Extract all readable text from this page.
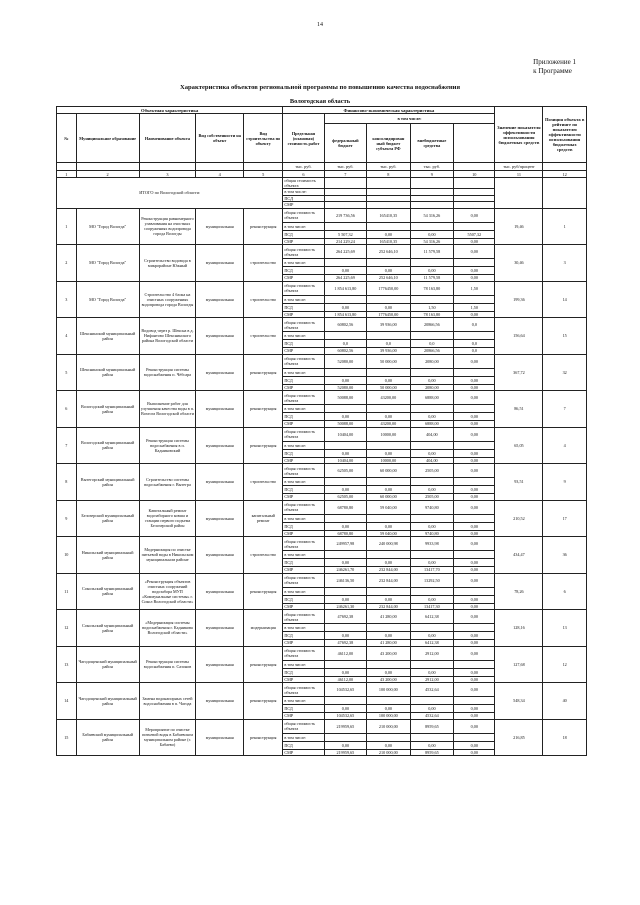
14
Приложение 1
к Программе
Характеристика объектов региональной программы по повышению качества водоснабжения
Вологодская область
Объектная характеристика					Финансово-экономическая характеристика					Значение показателя эффективности использования бюджетных средств	Позиция объекта в рейтинге по показателю эффективности использования бюджетных средств
№	Муниципальное образование	Наименование объекта	Вид собственности на объект	Вид строительства по объекту	Предельная (плановая) стоимость работ	в том числе:					
						федеральный бюджет	консолидирован ный бюджет субъекта РФ	внебюджетные средства			
					тыс. руб.	тыс. руб.	тыс. руб.	тыс. руб.		тыс. руб/процент	
1	2	3	4	5	6	7	8	9	10	11	12
ИТОГО по Вологодской области:					общая стоимость объекта						
					в том числе:						
					ПСД						
					СМР						
1	МО "Город Вологда"	Реконструкция равномерного улавливания на очистных сооружениях водопровода города Вологды	муниципальная	реконструкция	общая стоимость объекта	219 736,56	165410,35	54 316,26	0,00	19,46	1
					в том числе:						
					ПСД	5 507,32	0,00	0,00	5507,32		
					СМР	214 229,24	165410,35	54 316,26	0,00		
2	МО "Город Вологда"	Строительство водовода в микрорайоне Южный	муниципальная	строительство	общая стоимость объекта	264 225,69	252 646,10	11 579,58	0,00	30,46	3
					в том числе:						
					ПСД	0,00	0,00	0,00	0,00		
					СМР	264 225,69	252 646,10	11 579,58	0,00		
3	МО "Город Вологда"	Строительство 4 блока на очистных сооружениях водопровода города Вологды	муниципальная	строительство	общая стоимость объекта	1 854 613,80	1776450,00	78 163,80	1,50	199,36	14
					в том числе:						
					ПСД	0,00	0,00	1,50	1,50		
					СМР	1 854 613,80	1776450,00	78 163,80	0,00		
4	Шекснинский муниципальный район	Водовод через р. Шексна в д. Нифантово Шекснинского района Вологодской области	муниципальная	строительство	общая стоимость объекта	60802,56	39 936,00	20866,56	0,0	156,64	15
					в том числе:						
					ПСД	0,0	0,0	0,0	0,0		
					СМР	60802,56	39 936,00	20866,56	0,0		
5	Шекснинский муниципальный район	Реконструкция системы водоснабжения п. Чёбсара	муниципальная	реконструкция	общая стоимость объекта	52080,00	50 000,00	2080,00	0,00	367,72	32
					в том числе:						
					ПСД	0,00	0,00	0,00	0,00		
					СМР	52080,00	50 000,00	2080,00	0,00		
6	Вологодский муниципальный район	Выполнение работ для улучшения качества воды в п. Вохтога Вологодской области	муниципальная	реконструкция	общая стоимость объекта	50088,00	43200,00	6888,00	0,00	86,51	7
					в том числе:						
					ПСД	0,00	0,00	0,00	0,00		
					СМР	50088,00	43200,00	6888,00	0,00		
7	Вологодский муниципальный район	Реконструкция системы водоснабжения в п. Кадниковский	муниципальная	реконструкция	общая стоимость объекта	10404,00	10000,00	404,00	0,00	65,05	4
					в том числе:						
					ПСД	0,00	0,00	0,00	0,00		
					СМР	10404,00	10000,00	404,00	0,00		
8	Вытегорский муниципальный район	Строительство системы водоснабжения г. Вытегра	муниципальная	строительство	общая стоимость объекта	62505,00	60 000,00	2505,00	0,00	93,51	9
					в том числе:						
					ПСД	0,00	0,00	0,00	0,00		
					СМР	62505,00	60 000,00	2505,00	0,00		
9	Белозерский муниципальный район	Капитальный ремонт водозаборного ковша и станции первого подъема Белозерский район	муниципальная	капитальный ремонт	общая стоимость объекта	68780,80	59 040,00	9740,80	0,00	210,52	17
					в том числе:						
					ПСД	0,00	0,00	0,00	0,00		
					СМР	68780,80	59 040,00	9740,80	0,00		
10	Никольский муниципальный район	Модернизация по очистке питьевой воды в Никольском муниципальном районе	муниципальная	строительство	общая стоимость объекта	249957,98	240 000,98	9933,98	0,00	434,47	36
					в том числе:						
					ПСД	0,00	0,00	0,00	0,00		
					СМР	246261,70	232 844,00	13417,70	0,00		
11	Сокольский муниципальный район	«Реконструкция объектов очистных сооружений водозабора МУП «Коммунальные системы» г. Сокол Вологодской области»	муниципальная	реконструкция	общая стоимость объекта	246136,50	232 844,00	13292,50	0,00	78,26	6
					в том числе:						
					ПСД	0,00	0,00	0,00	0,00		
					СМР	246261,30	232 844,00	13417,30	0,00		
12	Сокольский муниципальный район	«Модернизация системы водоснабжения г. Кадникова Вологодской области»	муниципальная	модернизация	общая стоимость объекта	47692,38	41 280,00	6412,38	0,00	128,16	13
					в том числе:						
					ПСД	0,00	0,00	0,00	0,00		
					СМР	47692,38	41 280,00	6412,38	0,00		
13	Чагодощенский муниципальный район	Реконструкция системы водоснабжения п. Сазонов	муниципальная	реконструкция	общая стоимость объекта	46112,00	43 200,00	2912,00	0,00	127,68	12
					в том числе:						
					ПСД	0,00	0,00	0,00	0,00		
					СМР	46112,00	43 200,00	2912,00	0,00		
14	Чагодощенский муниципальный район	Замена водонапорных сетей водоснабжения в п. Чагода	муниципальная	реконструкция	общая стоимость объекта	104532,65	100 000,00	4532,64	0,00	548,34	40
					в том числе:						
					ПСД	0,00	0,00	0,00	0,00		
					СМР	104532,65	100 000,00	4532,64	0,00		
15	Бабаевский муниципальный район	Мероприятие по очистке питьевой воды в Бабаевском муниципальном районе (г. Бабаево)	муниципальная	реконструкция	общая стоимость объекта	219959,65	210 000,00	8959,65	0,00	216,85	18
					в том числе:						
					ПСД	0,00	0,00	0,00	0,00		
					СМР	219959,65	210 000,00	8959,65	0,00		
